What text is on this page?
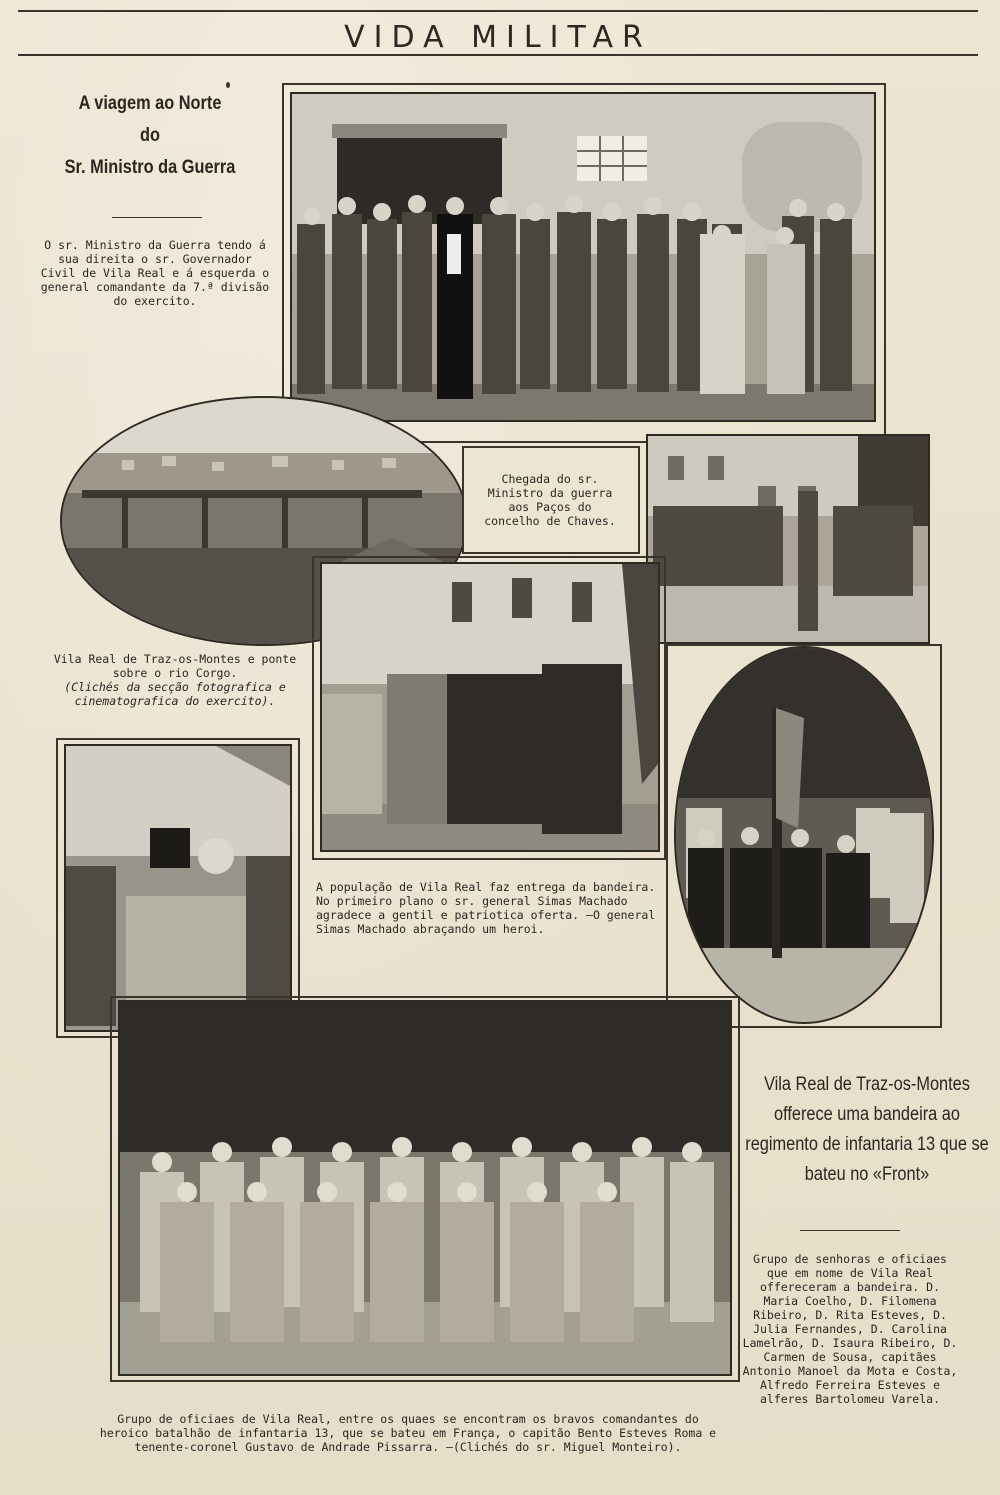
VIDA MILITAR
A viagem ao Norte
do
Sr. Ministro da Guerra
O sr. Ministro da Guerra tendo á sua direita o sr. Governador Civil de Vila Real e á esquerda o general comandante da 7.ª divisão do exercito.
Vila Real de Traz-os-Montes e ponte sobre o rio Corgo.
(Clichés da secção fotografica e cinematografica do exercito).
Chegada do sr. Ministro da guerra aos Paços do concelho de Chaves.
A população de Vila Real faz entrega da bandeira. No primeiro plano o sr. general Simas Machado agradece a gentil e patriotica oferta. —O general Simas Machado abraçando um heroi.
Vila Real de Traz-os-Montes offerece uma bandeira ao regimento de infantaria 13 que se bateu no «Front»
Grupo de senhoras e oficiaes que em nome de Vila Real offereceram a bandeira. D. Maria Coelho, D. Filomena Ribeiro, D. Rita Esteves, D. Julia Fernandes, D. Carolina Lamelrão, D. Isaura Ribeiro, D. Carmen de Sousa, capitães Antonio Manoel da Mota e Costa, Alfredo Ferreira Esteves e alferes Bartolomeu Varela.
Grupo de oficiaes de Vila Real, entre os quaes se encontram os bravos comandantes do heroico batalhão de infantaria 13, que se bateu em França, o capitão Bento Esteves Roma e tenente-coronel Gustavo de Andrade Pissarra. —(Clichés do sr. Miguel Monteiro).
